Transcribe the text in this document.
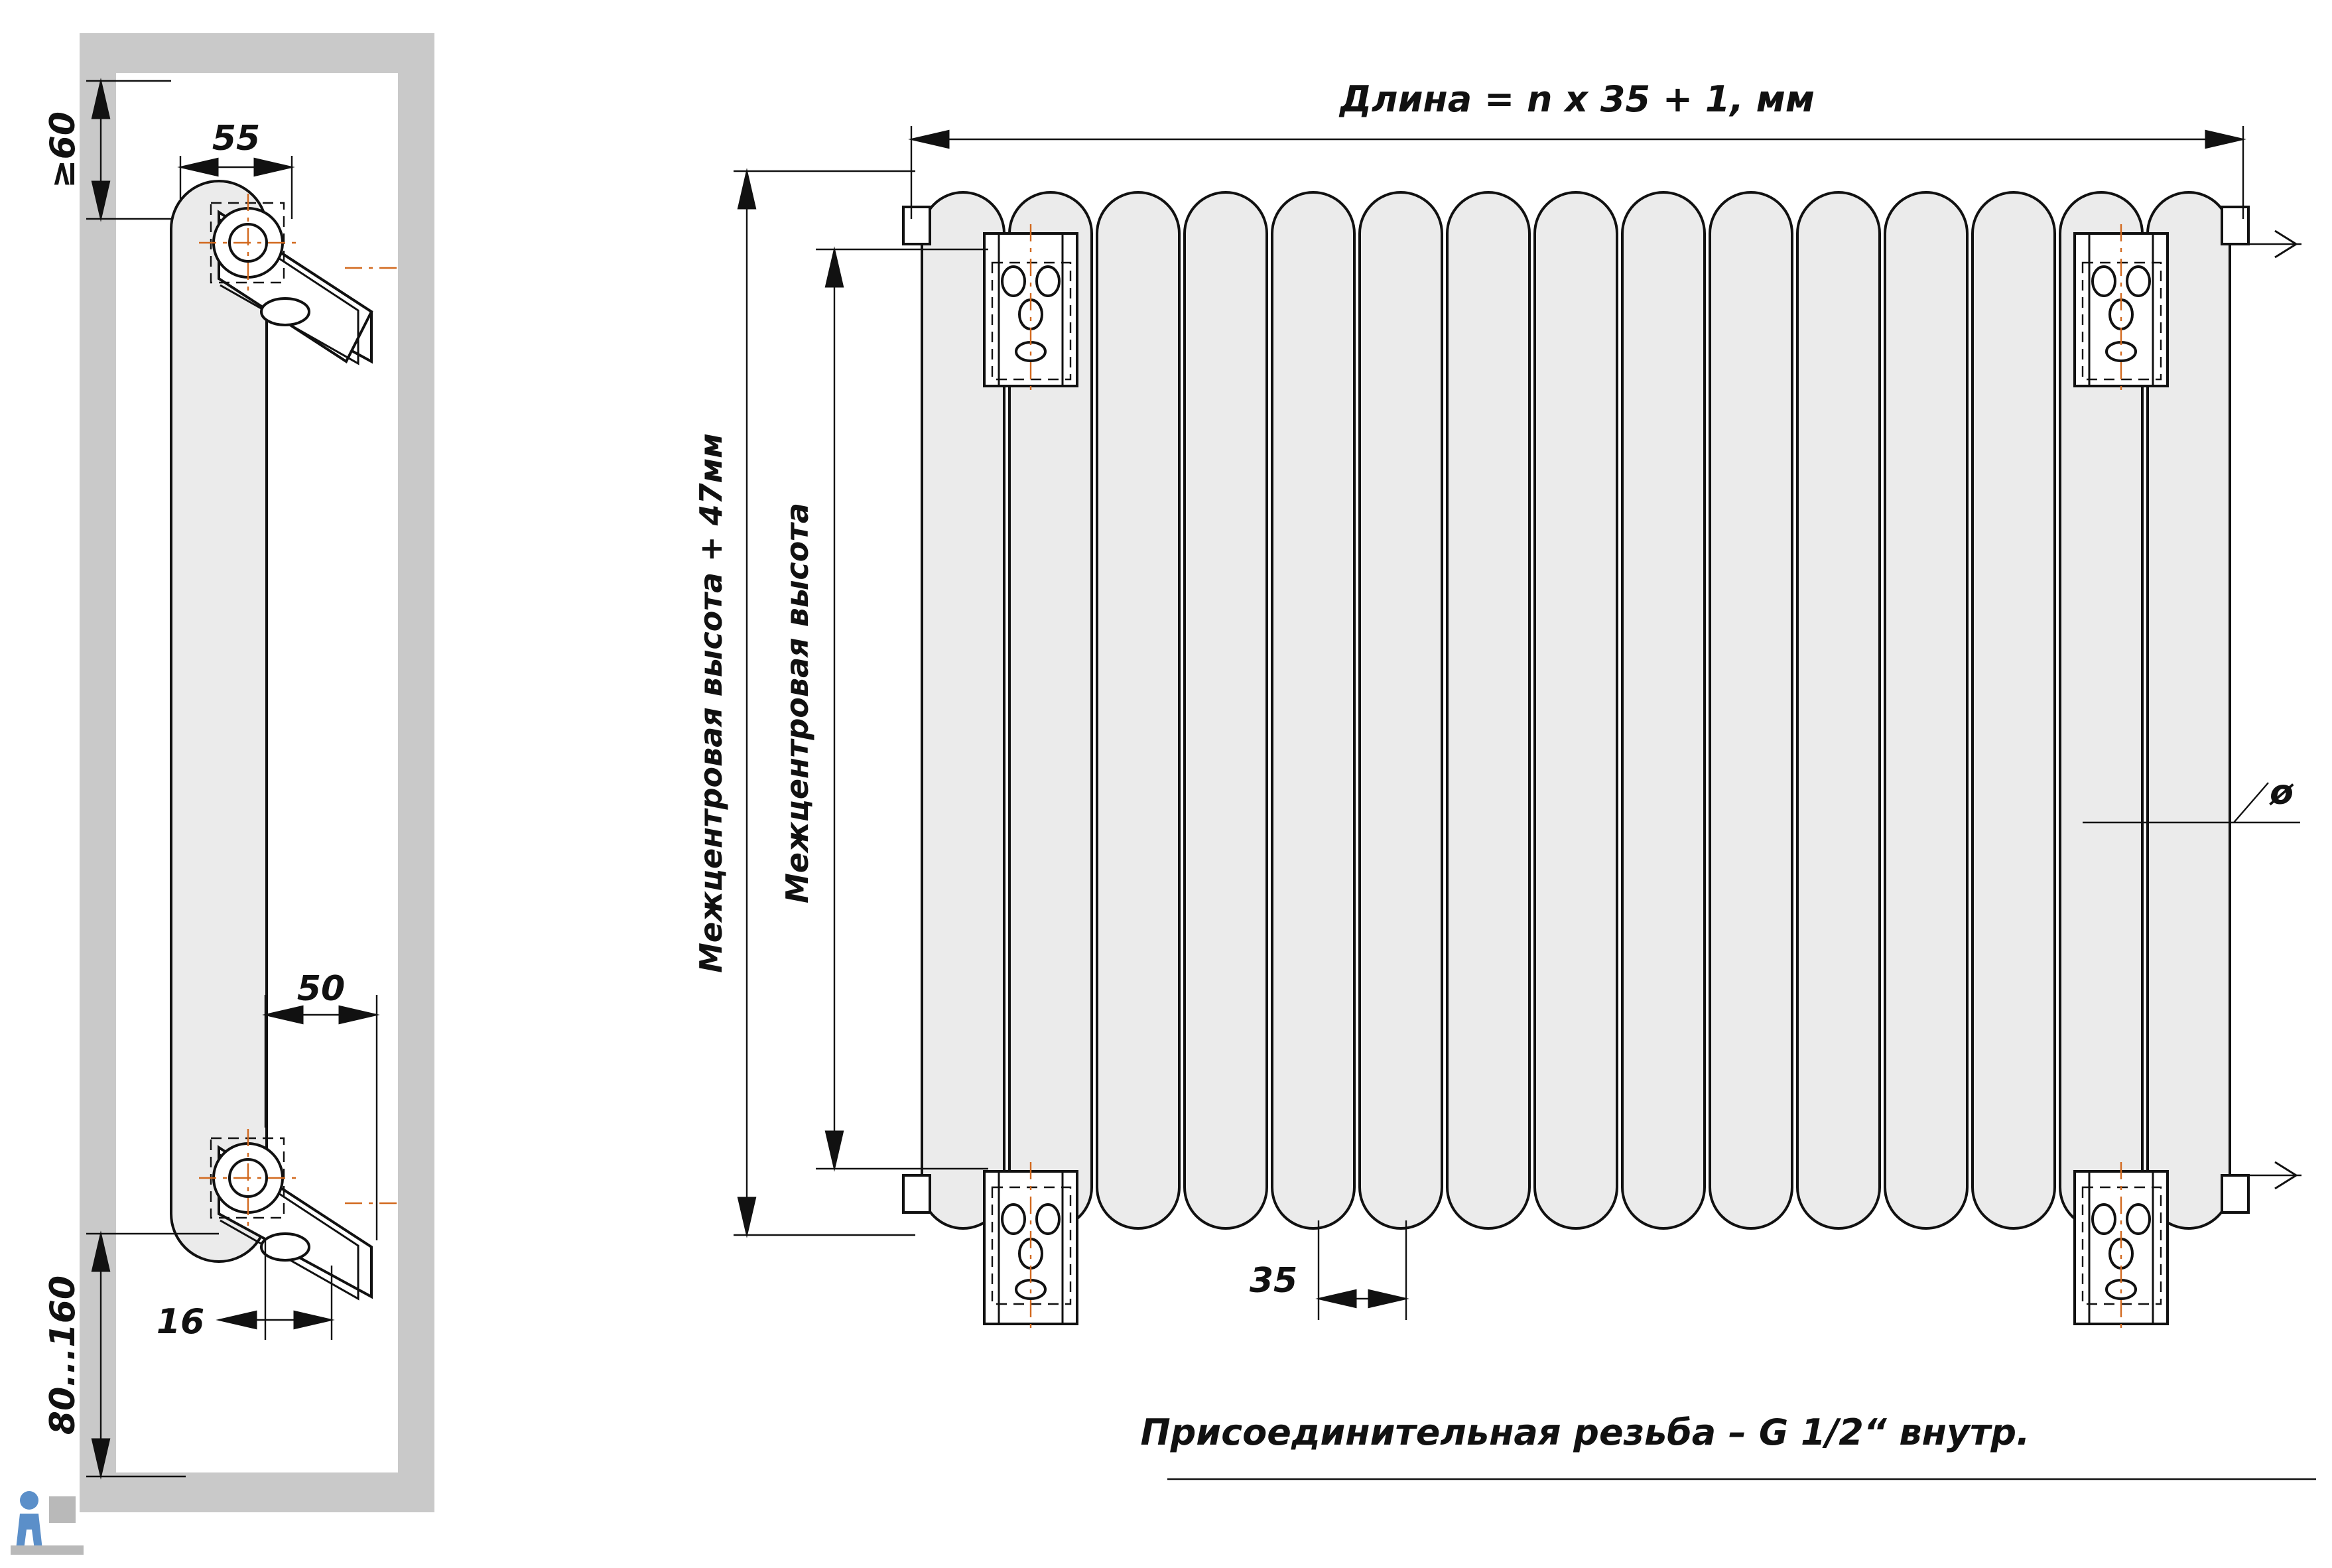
55
≥60
50
16
80...160
Длина = n x 35 + 1, мм
Межцентровая высота + 47мм Межцентровая высота
35
ø
Присоединительная резьба – G 1/2“ внутр.
